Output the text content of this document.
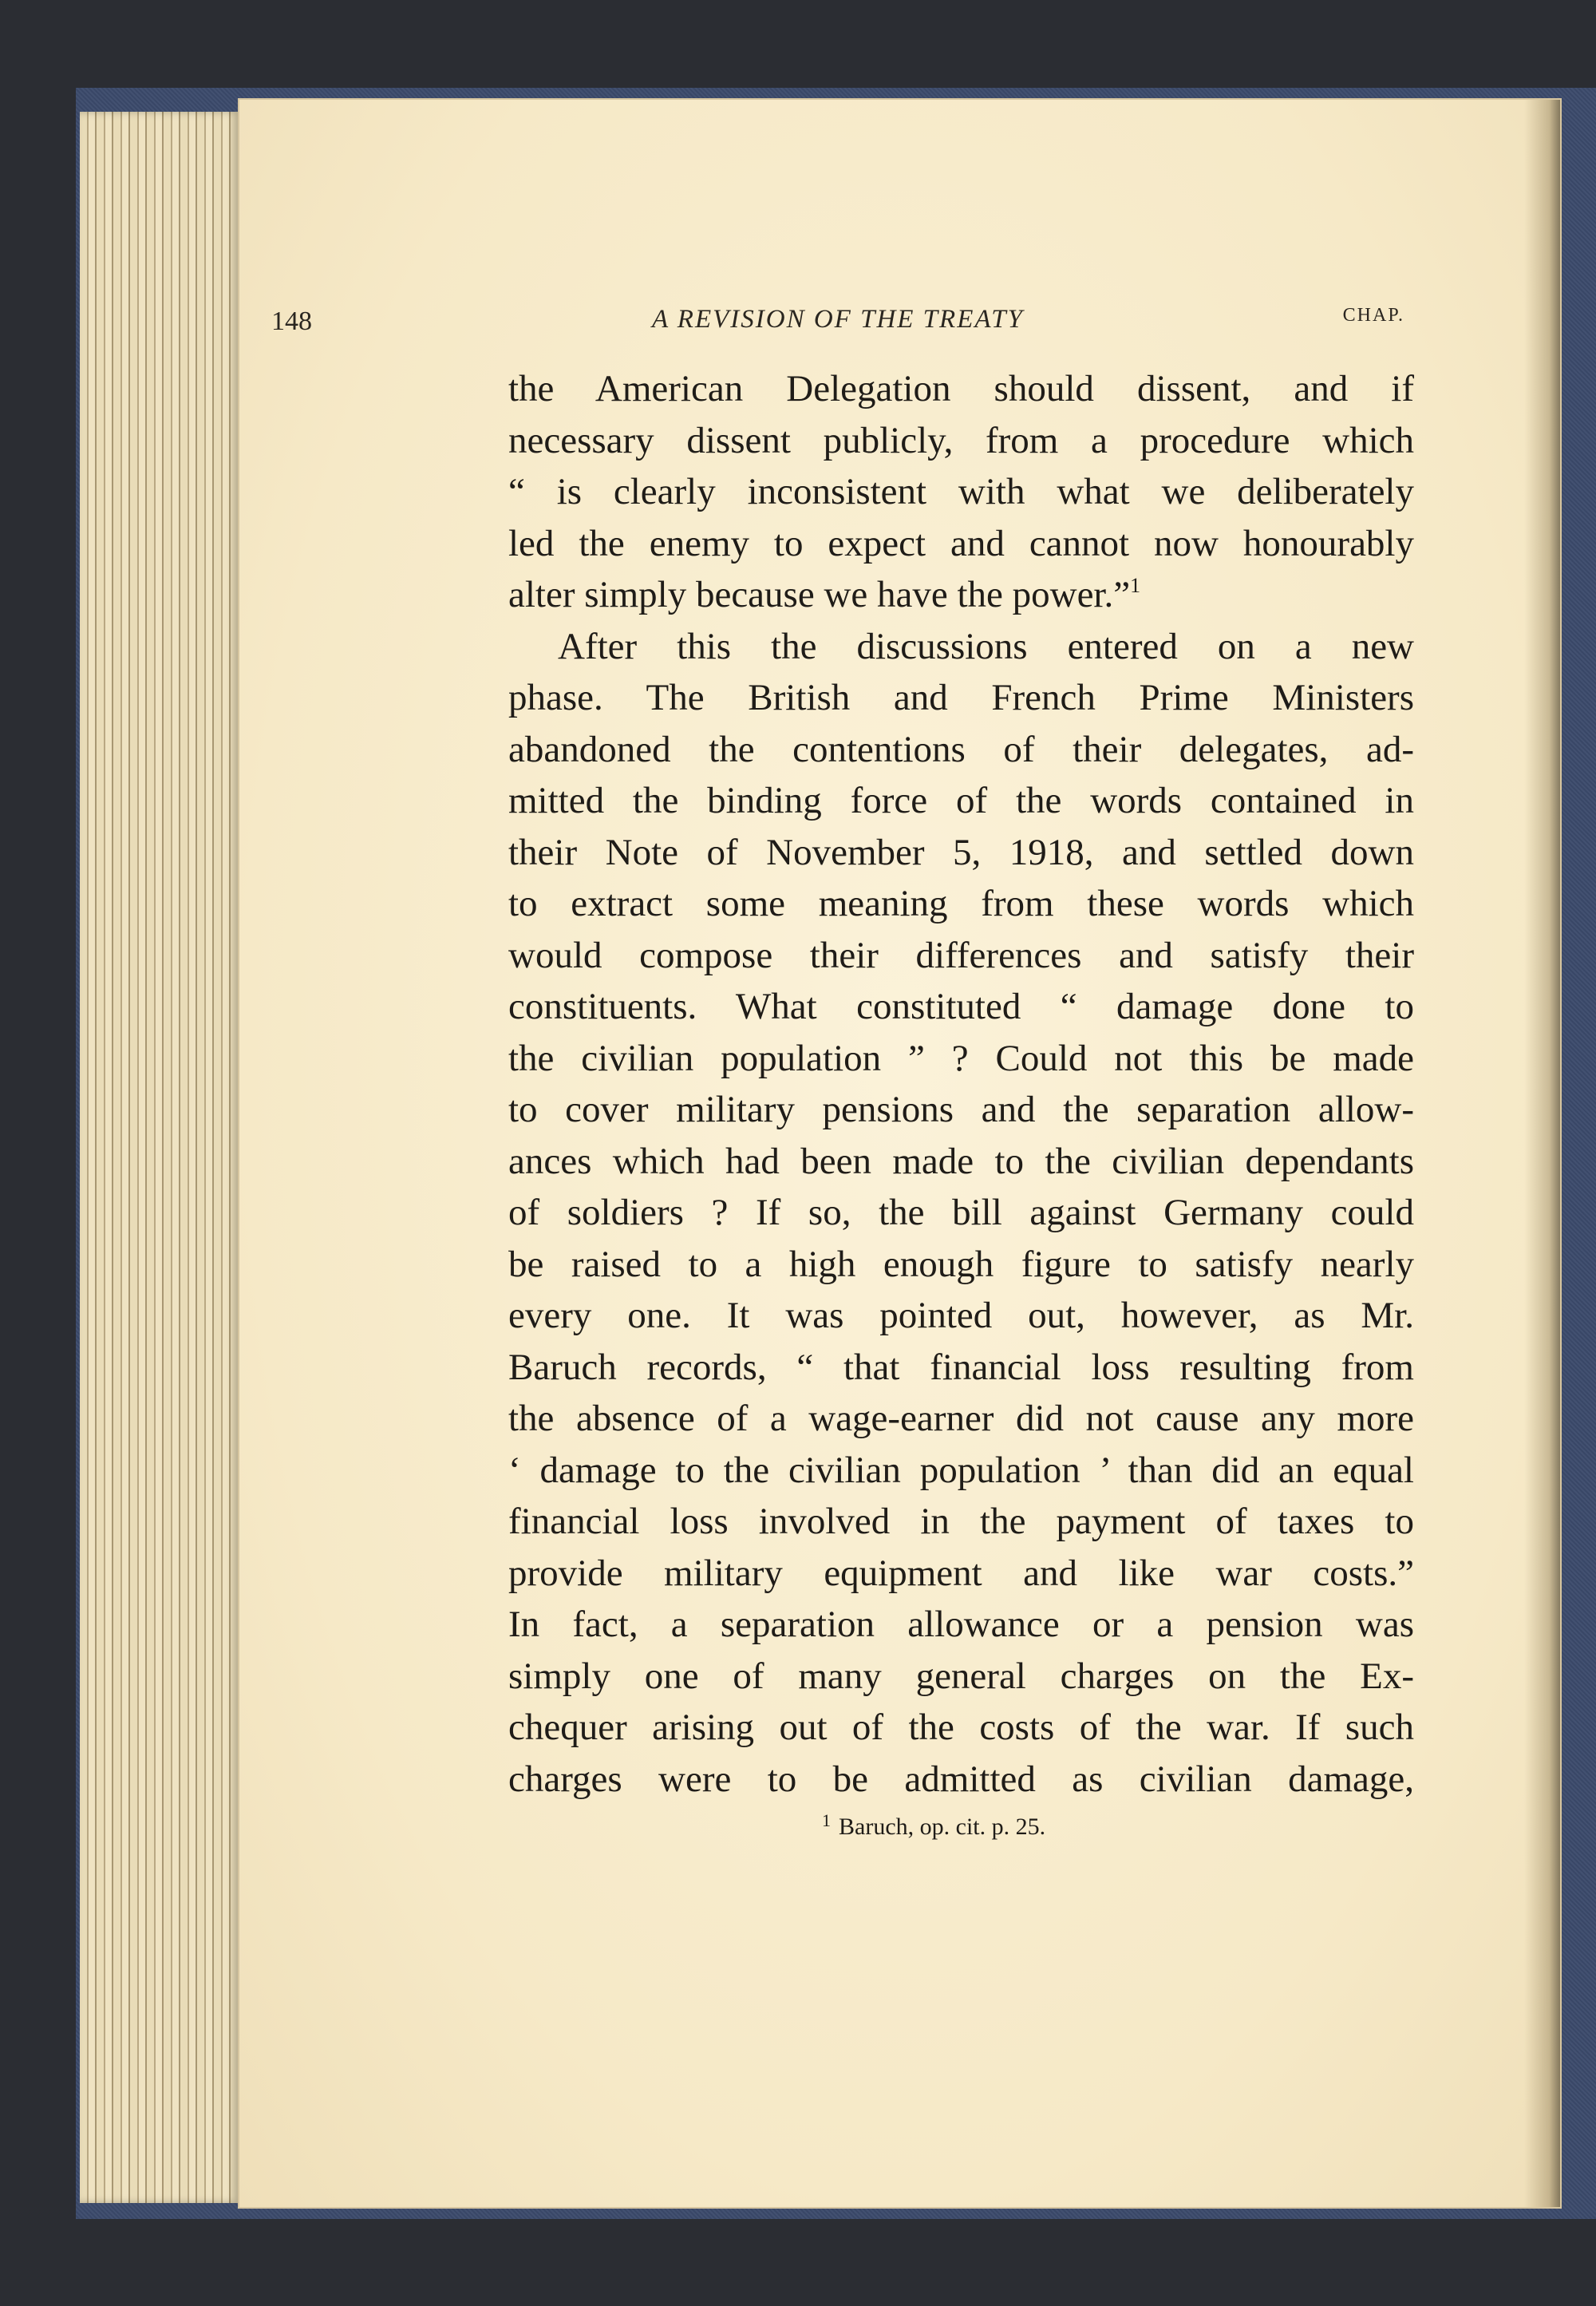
148	A REVISION OF THE TREATY	CHAP.
the American Delegation should dissent, and if
necessary dissent publicly, from a procedure which
“ is clearly inconsistent with what we deliberately
led the enemy to expect and cannot now honourably
alter simply because we have the power.”$^1$
After this the discussions entered on a new
phase. The British and French Prime Ministers
abandoned the contentions of their delegates, ad-
mitted the binding force of the words contained in
their Note of November 5, 1918, and settled down
to extract some meaning from these words which
would compose their differences and satisfy their
constituents. What constituted “ damage done to
the civilian population ” ? Could not this be made
to cover military pensions and the separation allow-
ances which had been made to the civilian dependants
of soldiers ? If so, the bill against Germany could
be raised to a high enough figure to satisfy nearly
every one. It was pointed out, however, as Mr.
Baruch records, “ that financial loss resulting from
the absence of a wage-earner did not cause any more
‘ damage to the civilian population ’ than did an equal
financial loss involved in the payment of taxes to
provide military equipment and like war costs.”
In fact, a separation allowance or a pension was
simply one of many general charges on the Ex-
chequer arising out of the costs of the war. If such
charges were to be admitted as civilian damage,
$^1$ Baruch, op. cit. p. 25.
